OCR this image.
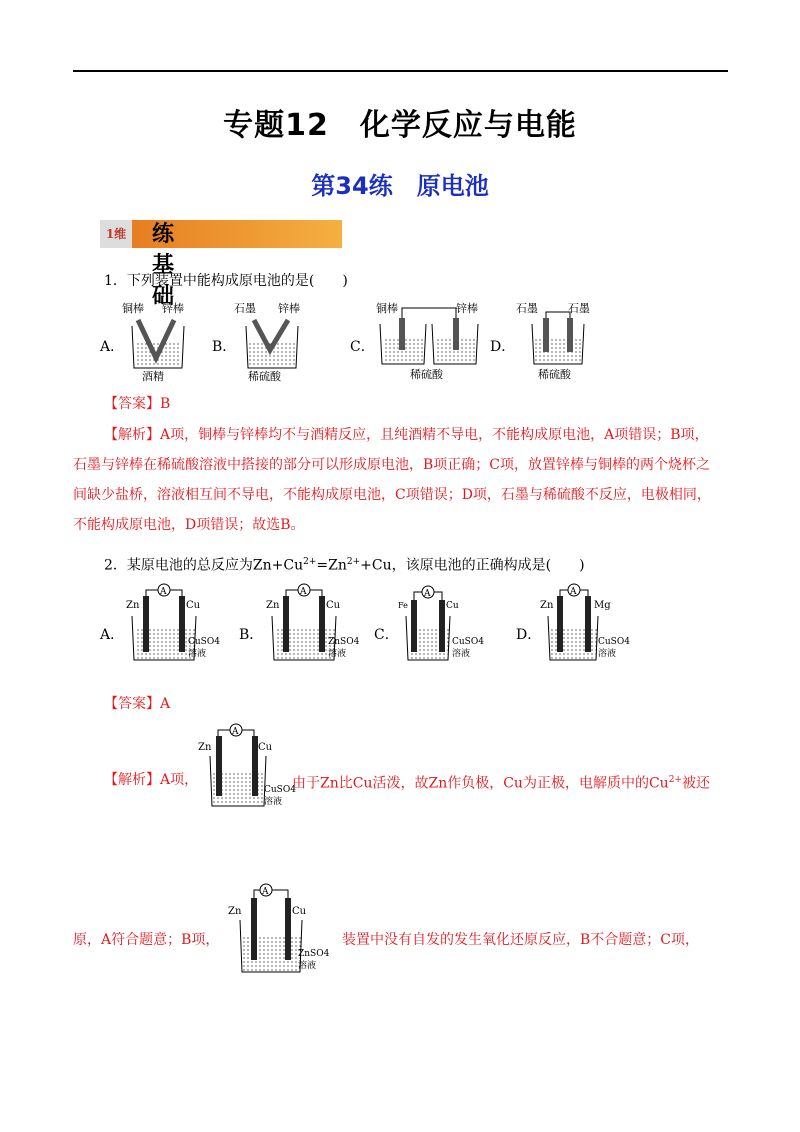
专题12　化学反应与电能
第34练　原电池
1维 练基础
1．下列装置中能构成原电池的是(　　)
A．
铜棒 锌棒
酒精
B．
石墨 锌棒
稀硫酸
C．
铜棒	锌棒
稀硫酸
D．
石墨	石墨
稀硫酸
【答案】B
【解析】A项，铜棒与锌棒均不与酒精反应，且纯酒精不导电，不能构成原电池，A项错误；B项，
石墨与锌棒在稀硫酸溶液中搭接的部分可以形成原电池，B项正确；C项，放置锌棒与铜棒的两个烧杯之
间缺少盐桥，溶液相互间不导电，不能构成原电池，C项错误；D项，石墨与稀硫酸不反应，电极相同，
不能构成原电池，D项错误；故选B。
2．某原电池的总反应为$Zn+Cu^{2+}=Zn^{2+}+Cu$，该原电池的正确构成是(　　)
A．
A
Zn	Cu
CuSO4
溶液
B．
A
Zn	Cu
ZnSO4
溶液
C．
A
Fe	Cu
CuSO4
溶液
D．
A
Zn	Mg
CuSO4
溶液
【答案】A
【解析】A项，
A
Zn	Cu
CuSO4
溶液
由于Zn比Cu活泼，故Zn作负极，Cu为正极，电解质中的$Cu^{2+}$被还
原，A符合题意；B项，
A
Zn	Cu
ZnSO4
溶液
装置中没有自发的发生氧化还原反应，B不合题意；C项，
